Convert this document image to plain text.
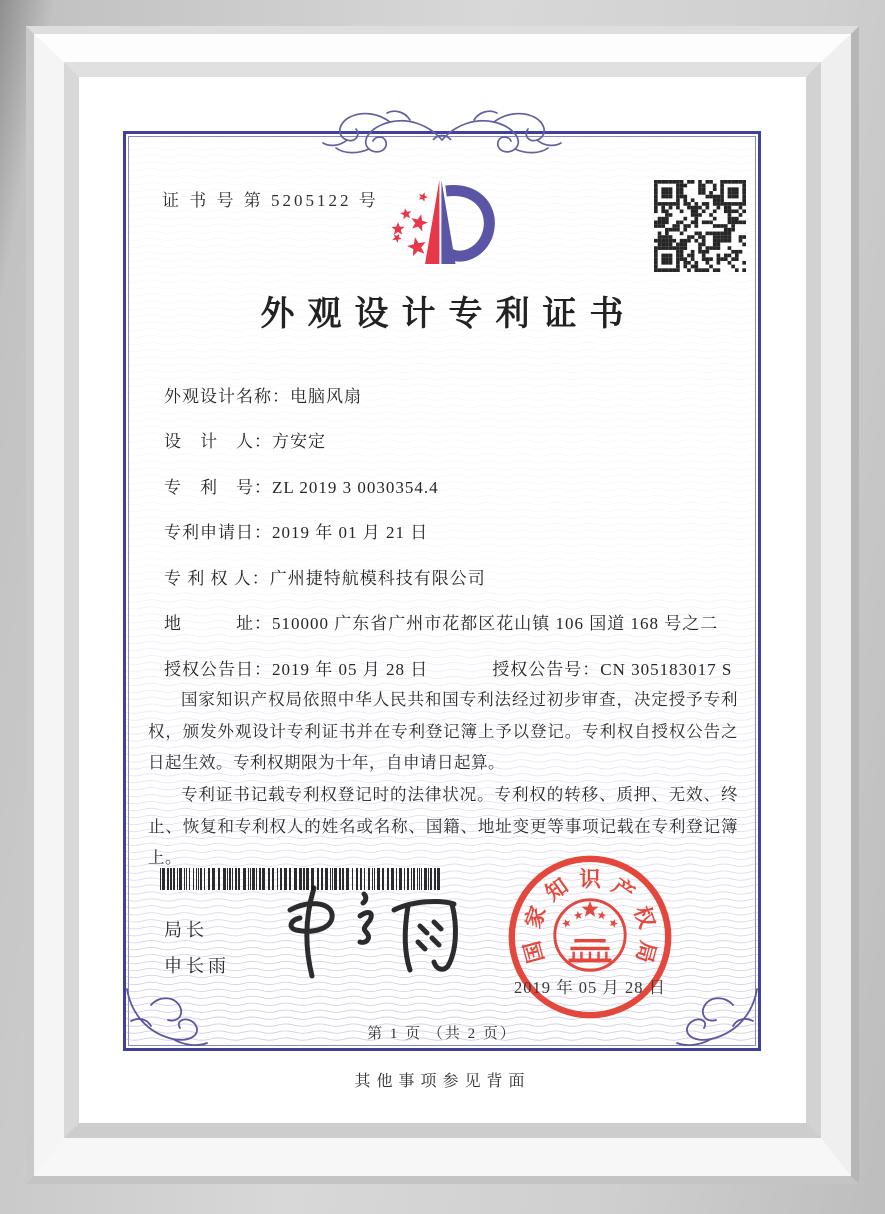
证 书 号 第 5205122 号
外观设计专利证书
外观设计名称：电脑风扇
设　计　人：方安定
专　利　号：ZL 2019 3 0030354.4
专利申请日：2019 年 01 月 21 日
专 利 权 人：广州捷特航模科技有限公司
地　　　址：510000 广东省广州市花都区花山镇 106 国道 168 号之二
授权公告日：2019 年 05 月 28 日	授权公告号：CN 305183017 S

国家知识产权局依照中华人民共和国专利法经过初步审查，决定授予专利权，颁发外观设计专利证书并在专利登记簿上予以登记。专利权自授权公告之日起生效。专利权期限为十年，自申请日起算。

专利证书记载专利权登记时的法律状况。专利权的转移、质押、无效、终止、恢复和专利权人的姓名或名称、国籍、地址变更等事项记载在专利登记簿上。

局长
申长雨
国
家
知 识 产
权
局
2019 年 05 月 28 日
第 1 页 （共 2 页）
其他事项参见背面
